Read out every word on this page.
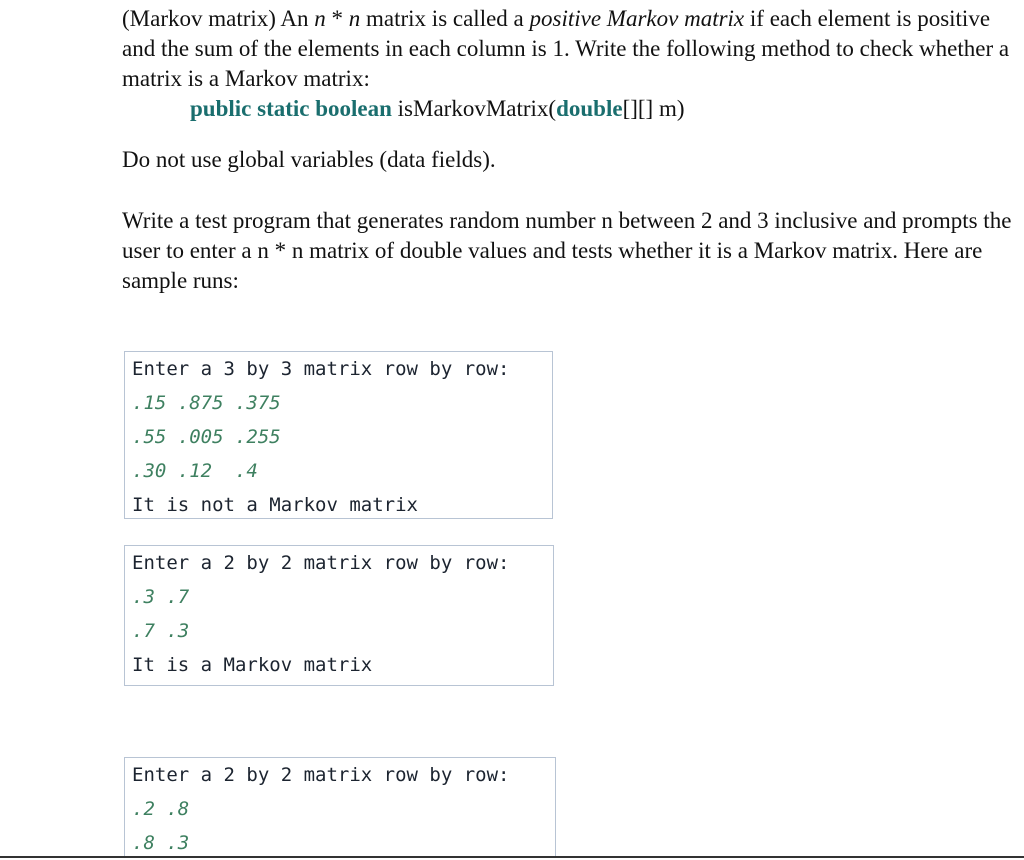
(Markov matrix) An n * n matrix is called a positive Markov matrix if each element is positive and the sum of the elements in each column is 1. Write the following method to check whether a matrix is a Markov matrix:

public static boolean isMarkovMatrix(double[][] m)

Do not use global variables (data fields).

Write a test program that generates random number n between 2 and 3 inclusive and prompts the user to enter a n * n matrix of double values and tests whether it is a Markov matrix. Here are sample runs:

Enter a 3 by 3 matrix row by row:
.15 .875 .375
.55 .005 .255
.30 .12  .4
It is not a Markov matrix
Enter a 2 by 2 matrix row by row:
.3 .7
.7 .3
It is a Markov matrix
Enter a 2 by 2 matrix row by row:
.2 .8
.8 .3
